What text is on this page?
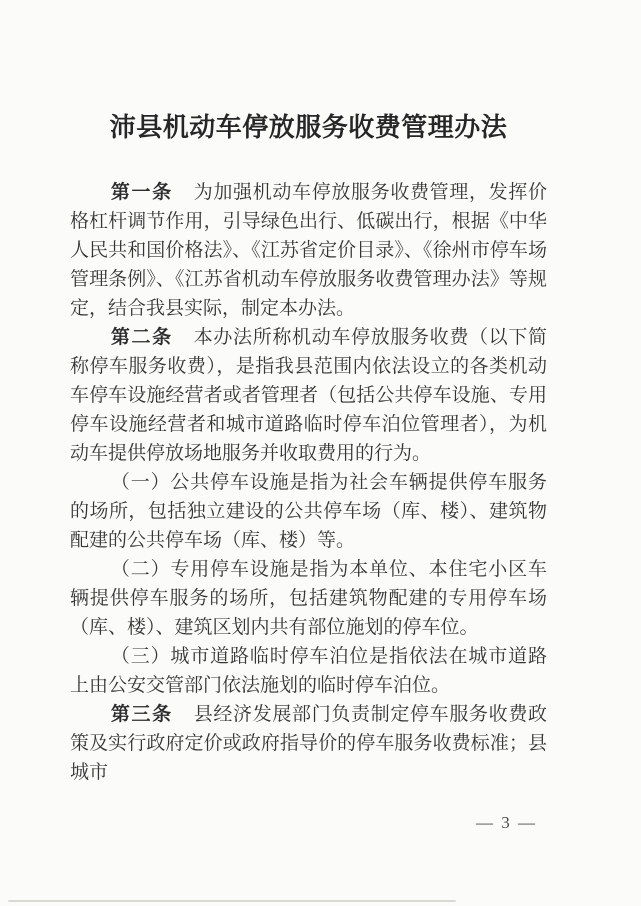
沛县机动车停放服务收费管理办法

第一条 为加强机动车停放服务收费管理，发挥价格杠杆调节作用，引导绿色出行、低碳出行，根据《中华人民共和国价格法》、《江苏省定价目录》、《徐州市停车场管理条例》、《江苏省机动车停放服务收费管理办法》等规定，结合我县实际，制定本办法。

第二条 本办法所称机动车停放服务收费（以下简称停车服务收费），是指我县范围内依法设立的各类机动车停车设施经营者或者管理者（包括公共停车设施、专用停车设施经营者和城市道路临时停车泊位管理者），为机动车提供停放场地服务并收取费用的行为。

（一）公共停车设施是指为社会车辆提供停车服务的场所，包括独立建设的公共停车场（库、楼）、建筑物配建的公共停车场（库、楼）等。

（二）专用停车设施是指为本单位、本住宅小区车辆提供停车服务的场所，包括建筑物配建的专用停车场（库、楼）、建筑区划内共有部位施划的停车位。

（三）城市道路临时停车泊位是指依法在城市道路上由公安交管部门依法施划的临时停车泊位。

第三条 县经济发展部门负责制定停车服务收费政策及实行政府定价或政府指导价的停车服务收费标准；县城市

— 3 —
